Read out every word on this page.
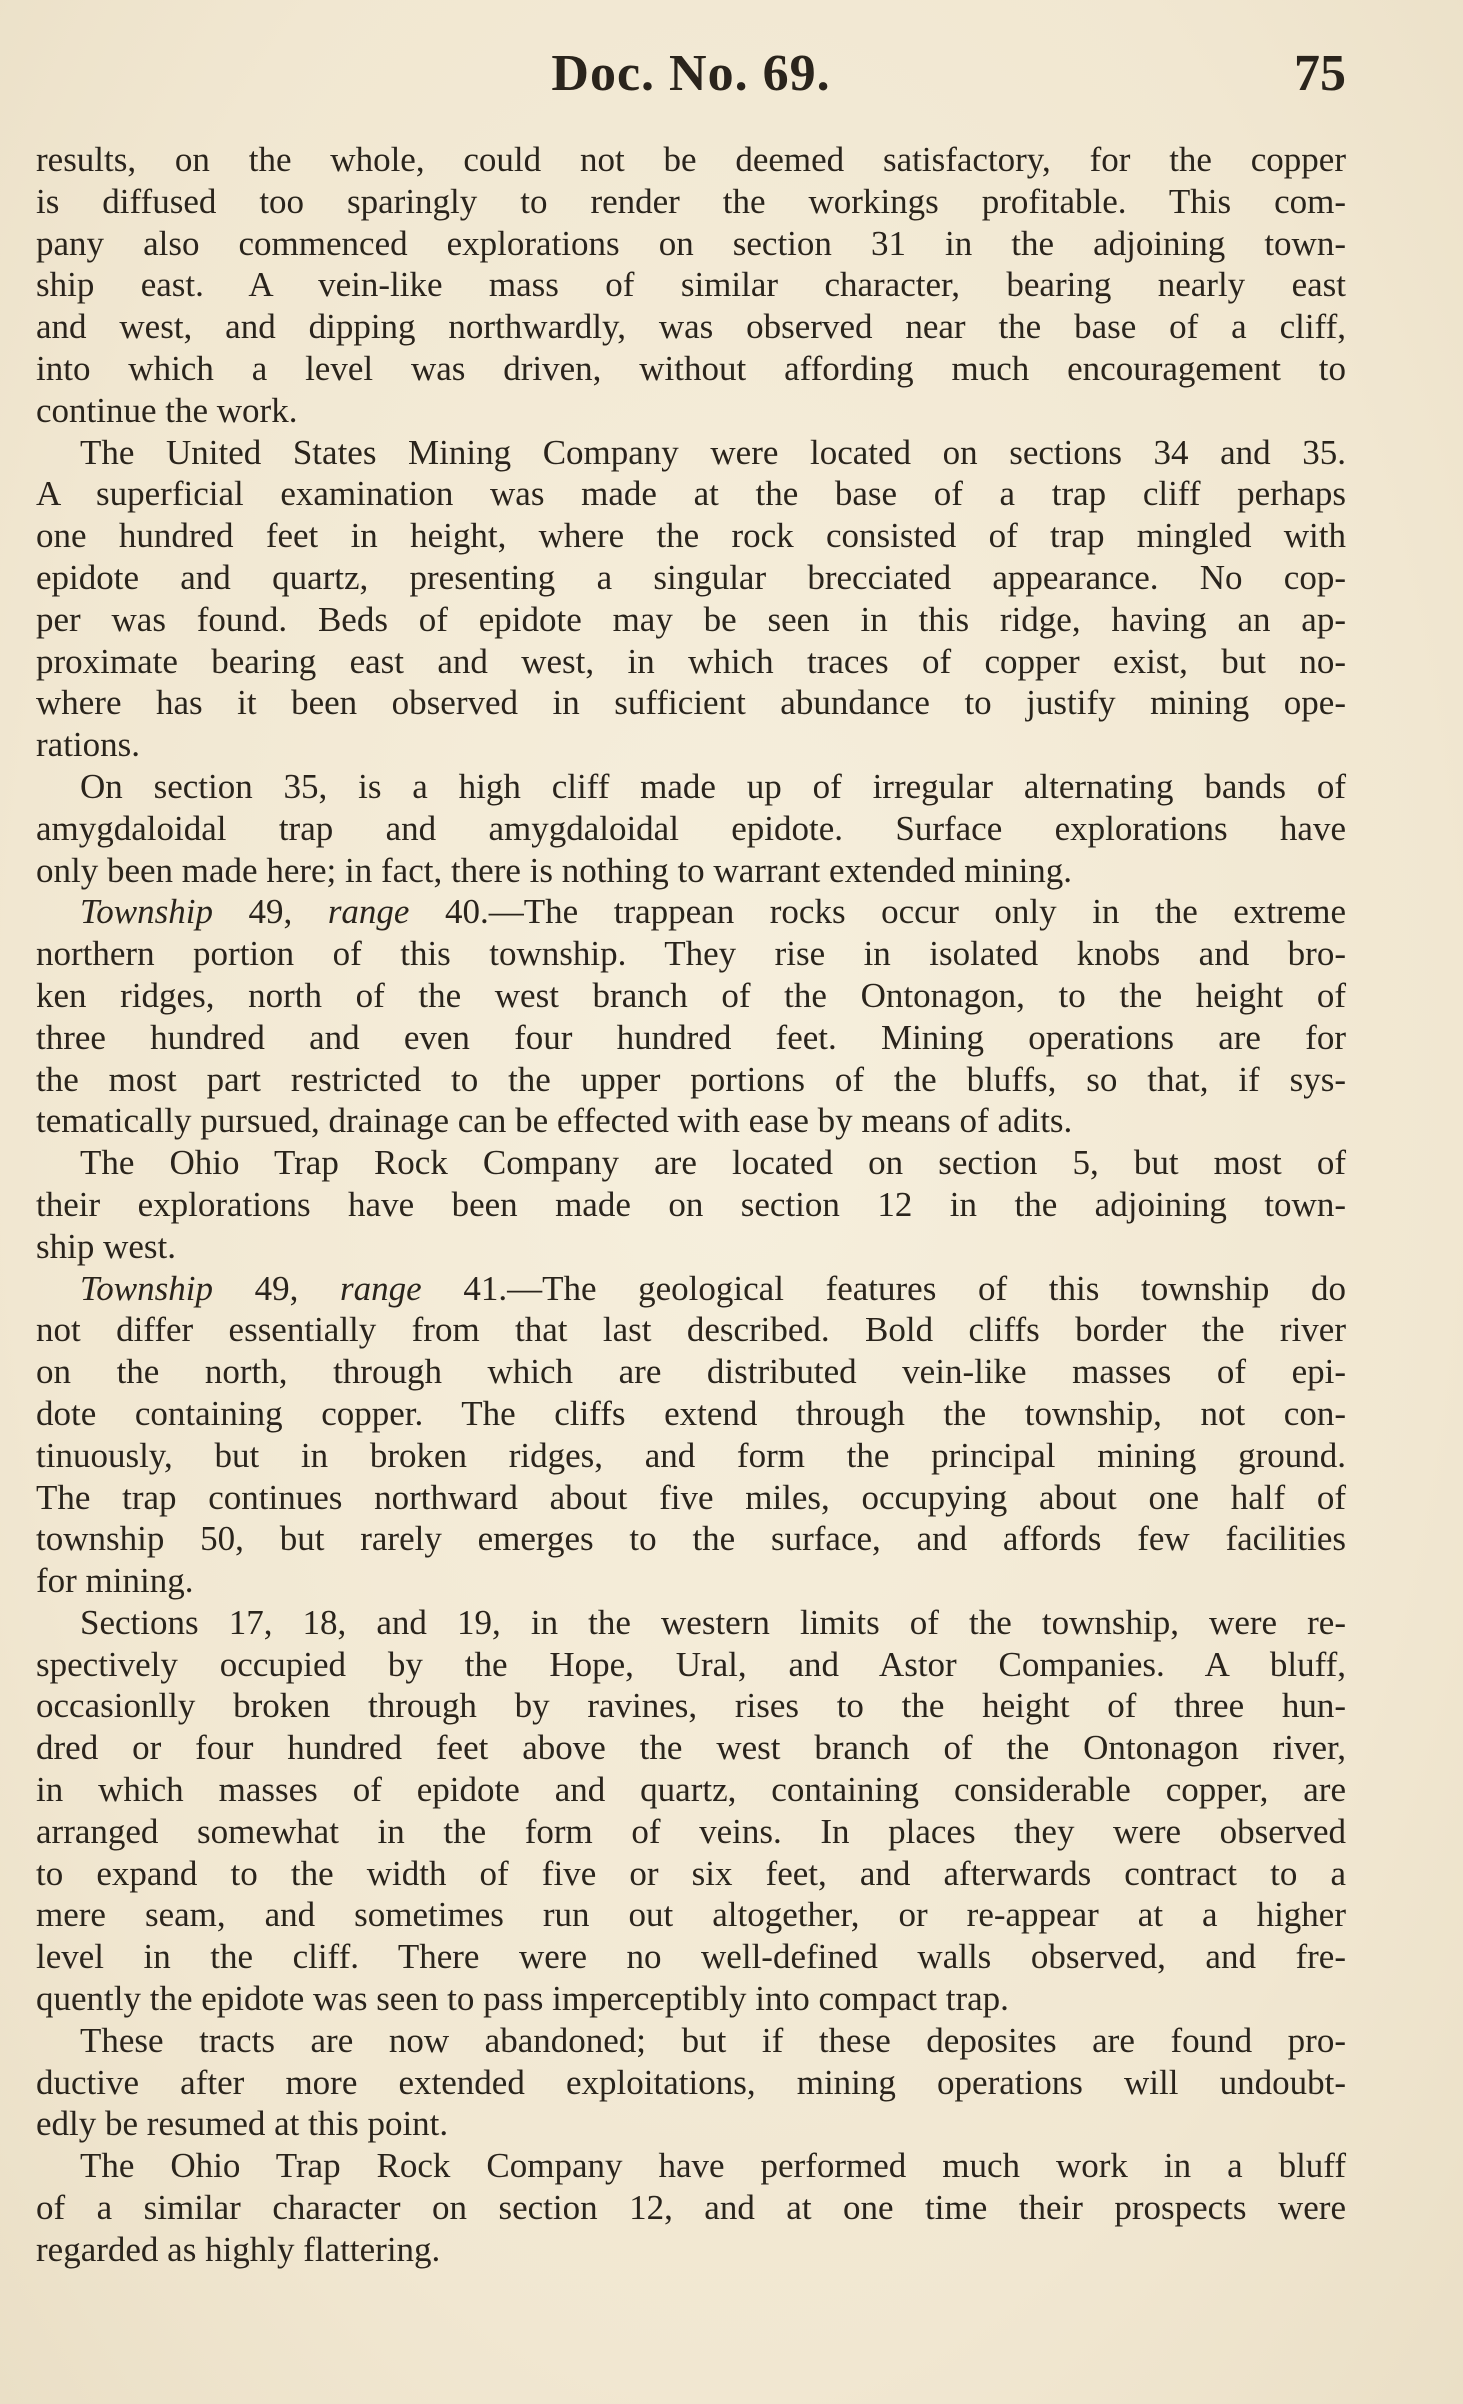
Doc. No. 69.	75
results, on the whole, could not be deemed satisfactory, for the copper
is diffused too sparingly to render the workings profitable. This com-
pany also commenced explorations on section 31 in the adjoining town-
ship east. A vein-like mass of similar character, bearing nearly east
and west, and dipping northwardly, was observed near the base of a cliff,
into which a level was driven, without affording much encouragement to
continue the work.
The United States Mining Company were located on sections 34 and 35.
A superficial examination was made at the base of a trap cliff perhaps
one hundred feet in height, where the rock consisted of trap mingled with
epidote and quartz, presenting a singular brecciated appearance. No cop-
per was found. Beds of epidote may be seen in this ridge, having an ap-
proximate bearing east and west, in which traces of copper exist, but no-
where has it been observed in sufficient abundance to justify mining ope-
rations.
On section 35, is a high cliff made up of irregular alternating bands of
amygdaloidal trap and amygdaloidal epidote. Surface explorations have
only been made here; in fact, there is nothing to warrant extended mining.
Township 49, range 40.—The trappean rocks occur only in the extreme
northern portion of this township. They rise in isolated knobs and bro-
ken ridges, north of the west branch of the Ontonagon, to the height of
three hundred and even four hundred feet. Mining operations are for
the most part restricted to the upper portions of the bluffs, so that, if sys-
tematically pursued, drainage can be effected with ease by means of adits.
The Ohio Trap Rock Company are located on section 5, but most of
their explorations have been made on section 12 in the adjoining town-
ship west.
Township 49, range 41.—The geological features of this township do
not differ essentially from that last described. Bold cliffs border the river
on the north, through which are distributed vein-like masses of epi-
dote containing copper. The cliffs extend through the township, not con-
tinuously, but in broken ridges, and form the principal mining ground.
The trap continues northward about five miles, occupying about one half of
township 50, but rarely emerges to the surface, and affords few facilities
for mining.
Sections 17, 18, and 19, in the western limits of the township, were re-
spectively occupied by the Hope, Ural, and Astor Companies. A bluff,
occasionlly broken through by ravines, rises to the height of three hun-
dred or four hundred feet above the west branch of the Ontonagon river,
in which masses of epidote and quartz, containing considerable copper, are
arranged somewhat in the form of veins. In places they were observed
to expand to the width of five or six feet, and afterwards contract to a
mere seam, and sometimes run out altogether, or re-appear at a higher
level in the cliff. There were no well-defined walls observed, and fre-
quently the epidote was seen to pass imperceptibly into compact trap.
These tracts are now abandoned; but if these deposites are found pro-
ductive after more extended exploitations, mining operations will undoubt-
edly be resumed at this point.
The Ohio Trap Rock Company have performed much work in a bluff
of a similar character on section 12, and at one time their prospects were
regarded as highly flattering.
